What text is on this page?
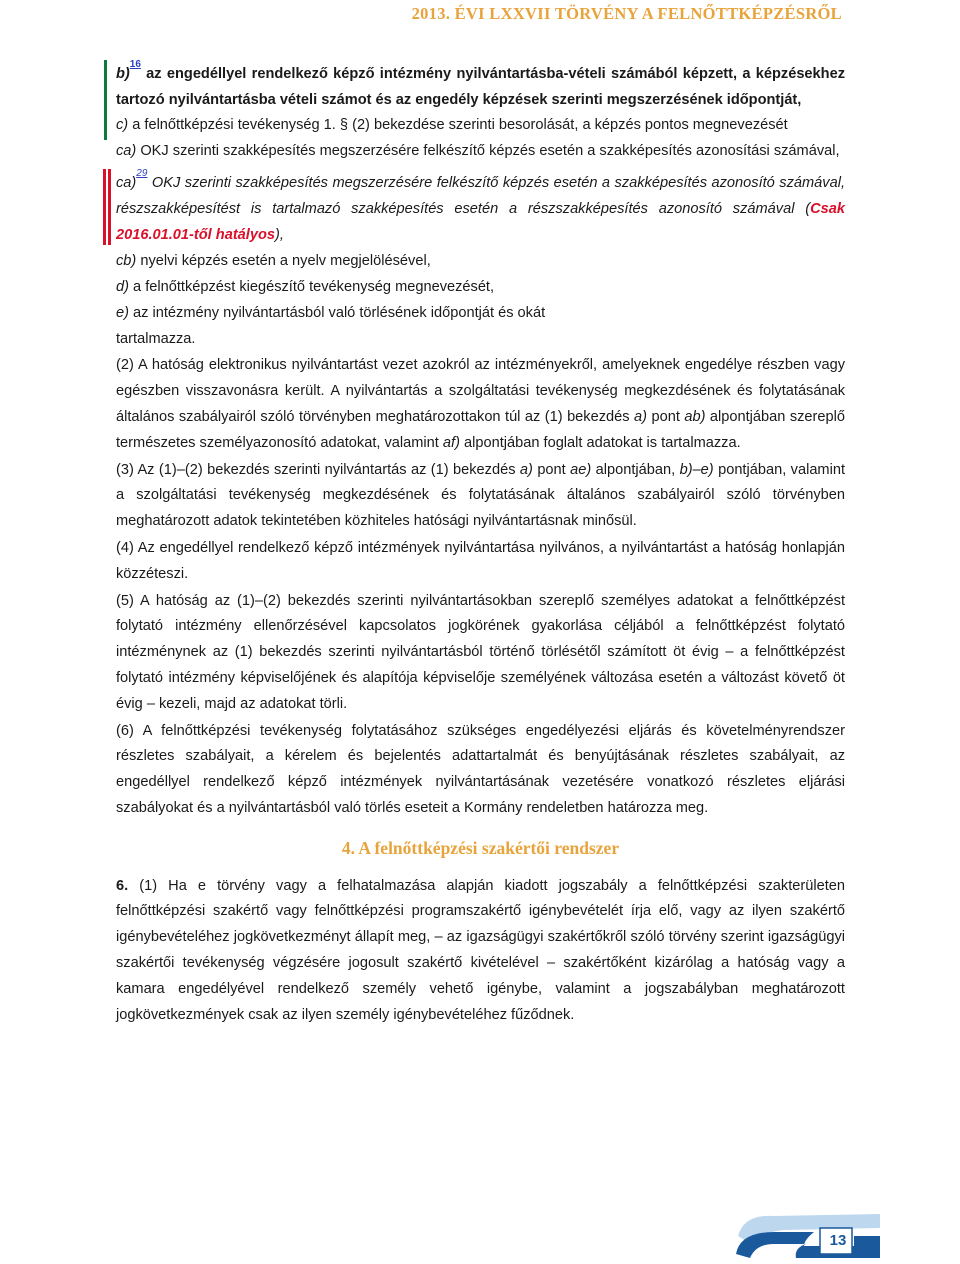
2013. ÉVI LXXVII TÖRVÉNY A FELNŐTTKÉPZÉSRŐL

b)$^{^{16}}$ az engedéllyel rendelkező képző intézmény nyilvántartásba-vételi számából képzett, a képzésekhez tartozó nyilvántartásba vételi számot és az engedély képzések szerinti megszerzésének időpontját,

c) a felnőttképzési tevékenység 1. § (2) bekezdése szerinti besorolását, a képzés pontos megnevezését

ca) OKJ szerinti szakképesítés megszerzésére felkészítő képzés esetén a szakképesítés azonosítási számával,

ca)$^{^{29}}$ OKJ szerinti szakképesítés megszerzésére felkészítő képzés esetén a szakképesítés azonosító számával, részszakképesítést is tartalmazó szakképesítés esetén a részszakképesítés azonosító számával (Csak 2016.01.01-től hatályos),

cb) nyelvi képzés esetén a nyelv megjelölésével,

d) a felnőttképzést kiegészítő tevékenység megnevezését,

e) az intézmény nyilvántartásból való törlésének időpontját és okát

tartalmazza.

(2) A hatóság elektronikus nyilvántartást vezet azokról az intézményekről, amelyeknek engedélye részben vagy egészben visszavonásra került. A nyilvántartás a szolgáltatási tevékenység megkezdésének és folytatásának általános szabályairól szóló törvényben meghatározottakon túl az (1) bekezdés a) pont ab) alpontjában szereplő természetes személyazonosító adatokat, valamint af) alpontjában foglalt adatokat is tartalmazza.

(3) Az (1)–(2) bekezdés szerinti nyilvántartás az (1) bekezdés a) pont ae) alpontjában, b)–e) pontjában, valamint a szolgáltatási tevékenység megkezdésének és folytatásának általános szabályairól szóló törvényben meghatározott adatok tekintetében közhiteles hatósági nyilvántartásnak minősül.

(4) Az engedéllyel rendelkező képző intézmények nyilvántartása nyilvános, a nyilvántartást a hatóság honlapján közzéteszi.

(5) A hatóság az (1)–(2) bekezdés szerinti nyilvántartásokban szereplő személyes adatokat a felnőttképzést folytató intézmény ellenőrzésével kapcsolatos jogkörének gyakorlása céljából a felnőttképzést folytató intézménynek az (1) bekezdés szerinti nyilvántartásból történő törlésétől számított öt évig – a felnőttképzést folytató intézmény képviselőjének és alapítója képviselője személyének változása esetén a változást követő öt évig – kezeli, majd az adatokat törli.

(6) A felnőttképzési tevékenység folytatásához szükséges engedélyezési eljárás és követelményrendszer részletes szabályait, a kérelem és bejelentés adattartalmát és benyújtásának részletes szabályait, az engedéllyel rendelkező képző intézmények nyilvántartásának vezetésére vonatkozó részletes eljárási szabályokat és a nyilvántartásból való törlés eseteit a Kormány rendeletben határozza meg.

4. A felnőttképzési szakértői rendszer

6. (1) Ha e törvény vagy a felhatalmazása alapján kiadott jogszabály a felnőttképzési szakterületen felnőttképzési szakértő vagy felnőttképzési programszakértő igénybevételét írja elő, vagy az ilyen szakértő igénybevételéhez jogkövetkezményt állapít meg, – az igazságügyi szakértőkről szóló törvény szerint igazságügyi szakértői tevékenység végzésére jogosult szakértő kivételével – szakértőként kizárólag a hatóság vagy a kamara engedélyével rendelkező személy vehető igénybe, valamint a jogszabályban meghatározott jogkövetkezmények csak az ilyen személy igénybevételéhez fűződnek.

13
